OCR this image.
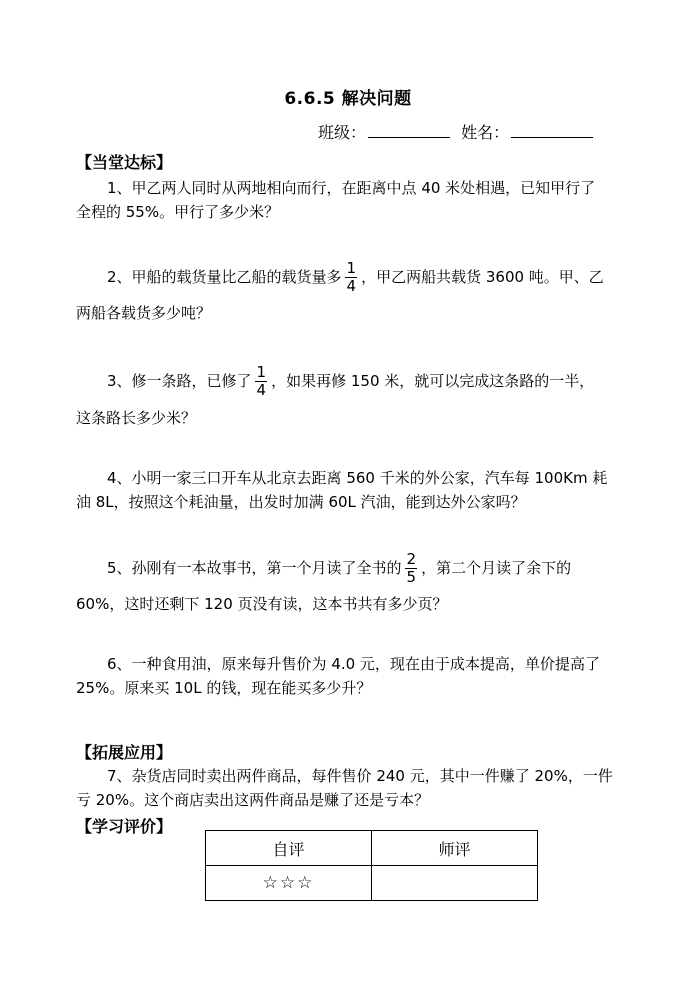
6.6.5 解决问题
班级：	姓名：
【当堂达标】
1、甲乙两人同时从两地相向而行，在距离中点 40 米处相遇，已知甲行了
全程的 55%。甲行了多少米？
2、甲船的载货量比乙船的载货量多 $\frac{1}{4}$ ，甲乙两船共载货 3600 吨。甲、乙
两船各载货多少吨？
3、修一条路，已修了 $\frac{1}{4}$ ，如果再修 150 米，就可以完成这条路的一半，
这条路长多少米？
4、小明一家三口开车从北京去距离 560 千米的外公家，汽车每 100Km 耗
油 8L，按照这个耗油量，出发时加满 60L 汽油，能到达外公家吗？
5、孙刚有一本故事书，第一个月读了全书的 $\frac{2}{5}$ ，第二个月读了余下的
60%，这时还剩下 120 页没有读，这本书共有多少页？
6、一种食用油，原来每升售价为 4.0 元，现在由于成本提高，单价提高了
25%。原来买 10L 的钱，现在能买多少升？
【拓展应用】
7、杂货店同时卖出两件商品，每件售价 240 元，其中一件赚了 20%，一件
亏 20%。这个商店卖出这两件商品是赚了还是亏本？
【学习评价】
自评	师评
☆☆☆	
